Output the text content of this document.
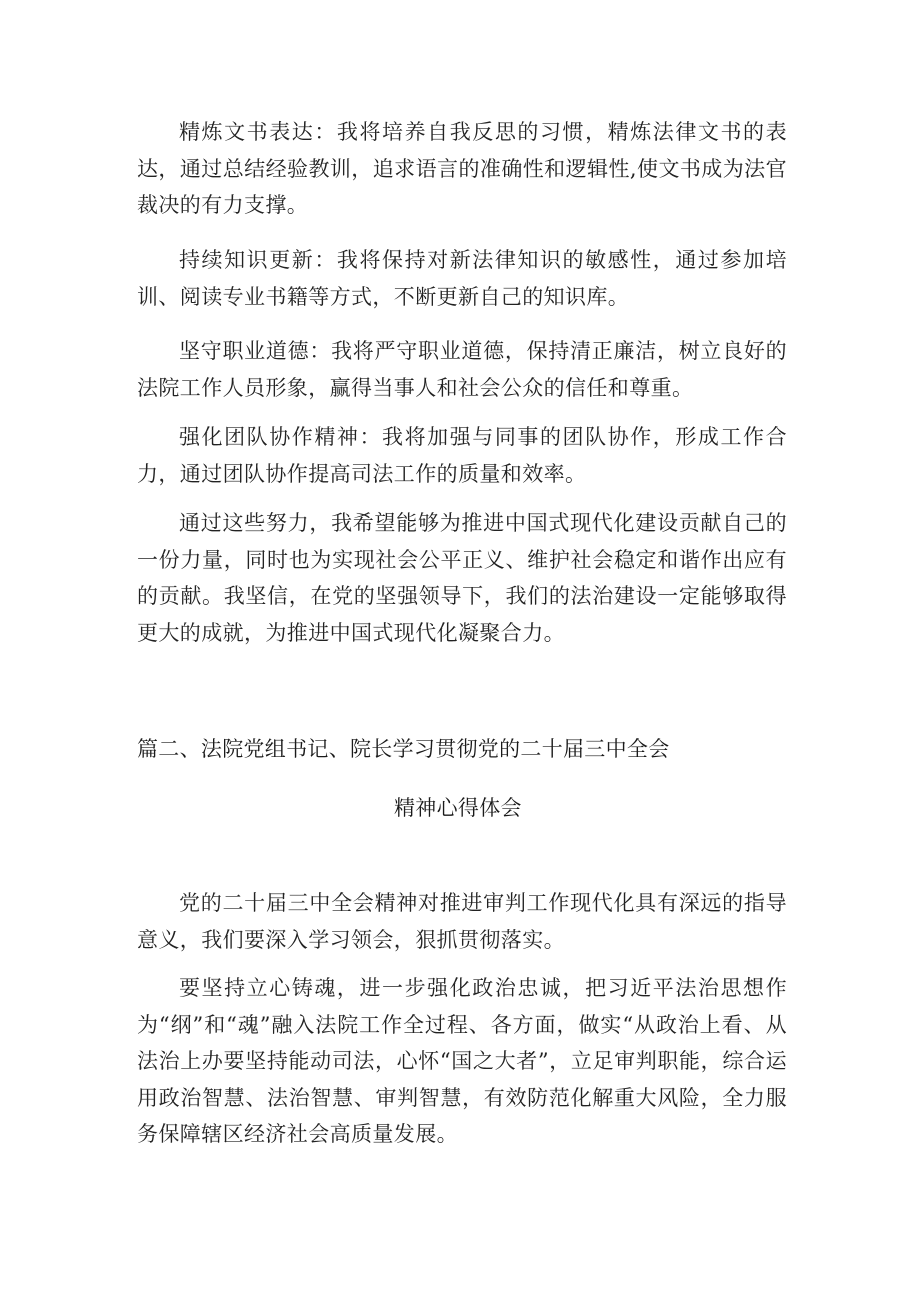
精炼文书表达：我将培养自我反思的习惯，精炼法律文书的表达，通过总结经验教训，追求语言的准确性和逻辑性,使文书成为法官裁决的有力支撑。

持续知识更新：我将保持对新法律知识的敏感性，通过参加培训、阅读专业书籍等方式，不断更新自己的知识库。

坚守职业道德：我将严守职业道德，保持清正廉洁，树立良好的法院工作人员形象，赢得当事人和社会公众的信任和尊重。

强化团队协作精神：我将加强与同事的团队协作，形成工作合力，通过团队协作提高司法工作的质量和效率。

通过这些努力，我希望能够为推进中国式现代化建设贡献自己的一份力量，同时也为实现社会公平正义、维护社会稳定和谐作出应有的贡献。我坚信，在党的坚强领导下，我们的法治建设一定能够取得更大的成就，为推进中国式现代化凝聚合力。

篇二、法院党组书记、院长学习贯彻党的二十届三中全会
精神心得体会

党的二十届三中全会精神对推进审判工作现代化具有深远的指导意义，我们要深入学习领会，狠抓贯彻落实。

要坚持立心铸魂，进一步强化政治忠诚，把习近平法治思想作为“纲”和“魂”融入法院工作全过程、各方面，做实“从政治上看、从法治上办要坚持能动司法，心怀“国之大者”，立足审判职能，综合运用政治智慧、法治智慧、审判智慧，有效防范化解重大风险，全力服务保障辖区经济社会高质量发展。
